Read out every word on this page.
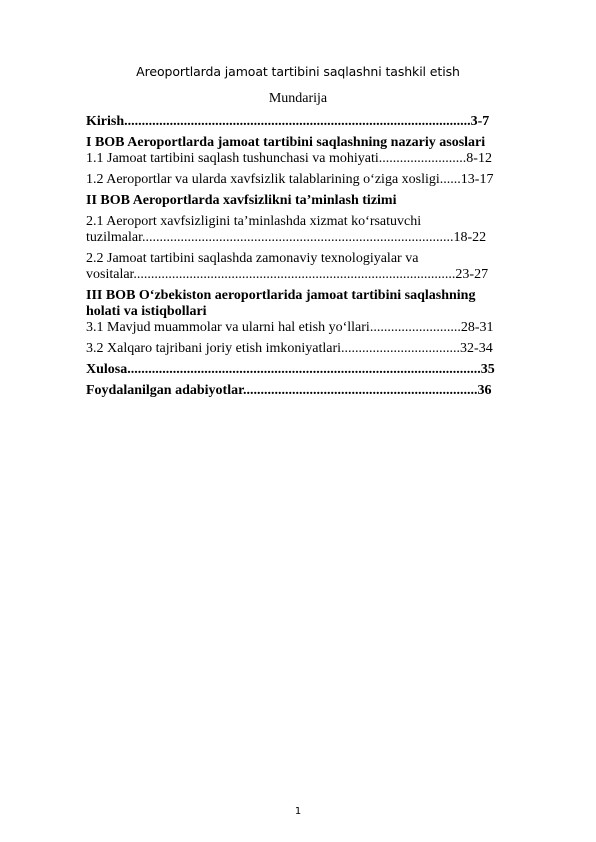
Areoportlarda jamoat tartibini saqlashni tashkil etish
Mundarija

Kirish...................................................................................................3-7

I BOB Aeroportlarda jamoat tartibini saqlashning nazariy asoslari

1.1 Jamoat tartibini saqlash tushunchasi va mohiyati.........................8-12

1.2 Aeroportlar va ularda xavfsizlik talablarining o‘ziga xosligi......13-17

II BOB Aeroportlarda xavfsizlikni ta’minlash tizimi

2.1 Aeroport xavfsizligini ta’minlashda xizmat ko‘rsatuvchi

tuzilmalar.........................................................................................18-22

2.2 Jamoat tartibini saqlashda zamonaviy texnologiyalar va

vositalar............................................................................................23-27

III BOB O‘zbekiston aeroportlarida jamoat tartibini saqlashning

holati va istiqbollari

3.1 Mavjud muammolar va ularni hal etish yo‘llari..........................28-31

3.2 Xalqaro tajribani joriy etish imkoniyatlari..................................32-34

Xulosa.....................................................................................................35

Foydalanilgan adabiyotlar...................................................................36

1
